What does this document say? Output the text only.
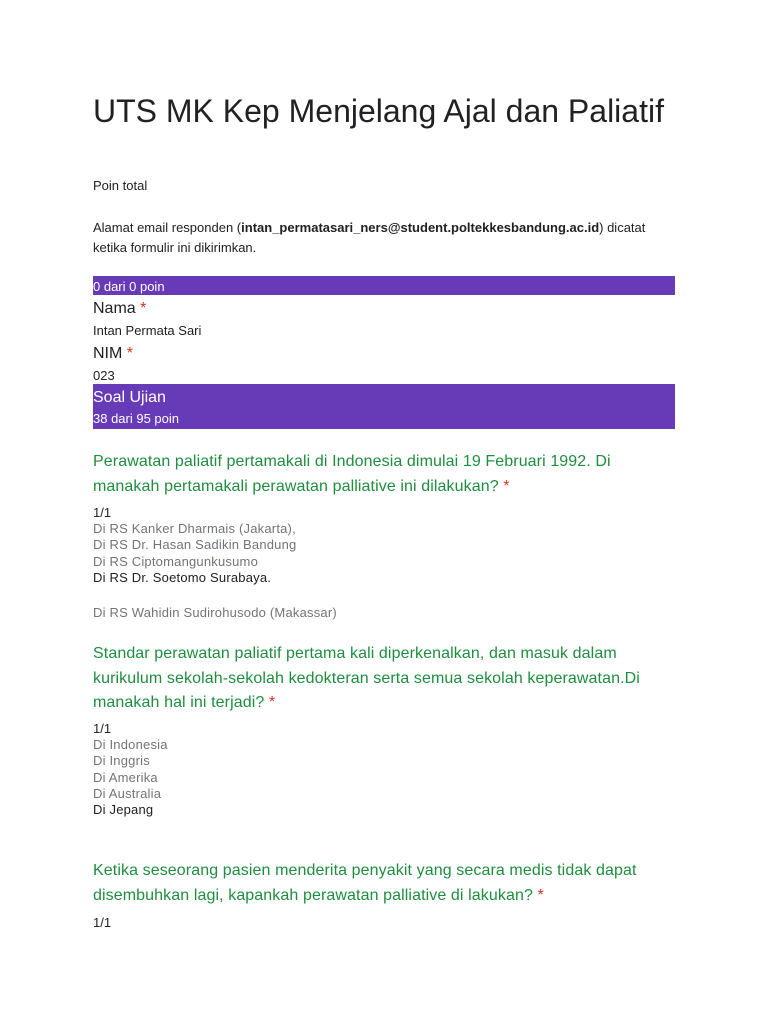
UTS MK Kep Menjelang Ajal dan Paliatif
Poin total
Alamat email responden (intan_permatasari_ners@student.poltekkesbandung.ac.id) dicatat ketika formulir ini dikirimkan.
0 dari 0 poin
Nama *
Intan Permata Sari
NIM *
023
Soal Ujian
38 dari 95 poin
Perawatan paliatif pertamakali di Indonesia dimulai 19 Februari 1992. Di manakah pertamakali perawatan palliative ini dilakukan? *
1/1
Di RS Kanker Dharmais (Jakarta),
Di RS Dr. Hasan Sadikin Bandung
Di RS Ciptomangunkusumo
Di RS Dr. Soetomo Surabaya.
Di RS Wahidin Sudirohusodo (Makassar)
Standar perawatan paliatif pertama kali diperkenalkan, dan masuk dalam kurikulum sekolah-sekolah kedokteran serta semua sekolah keperawatan.Di manakah hal ini terjadi? *
1/1
Di Indonesia
Di Inggris
Di Amerika
Di Australia
Di Jepang
Ketika seseorang pasien menderita penyakit yang secara medis tidak dapat disembuhkan lagi, kapankah perawatan palliative di lakukan? *
1/1
